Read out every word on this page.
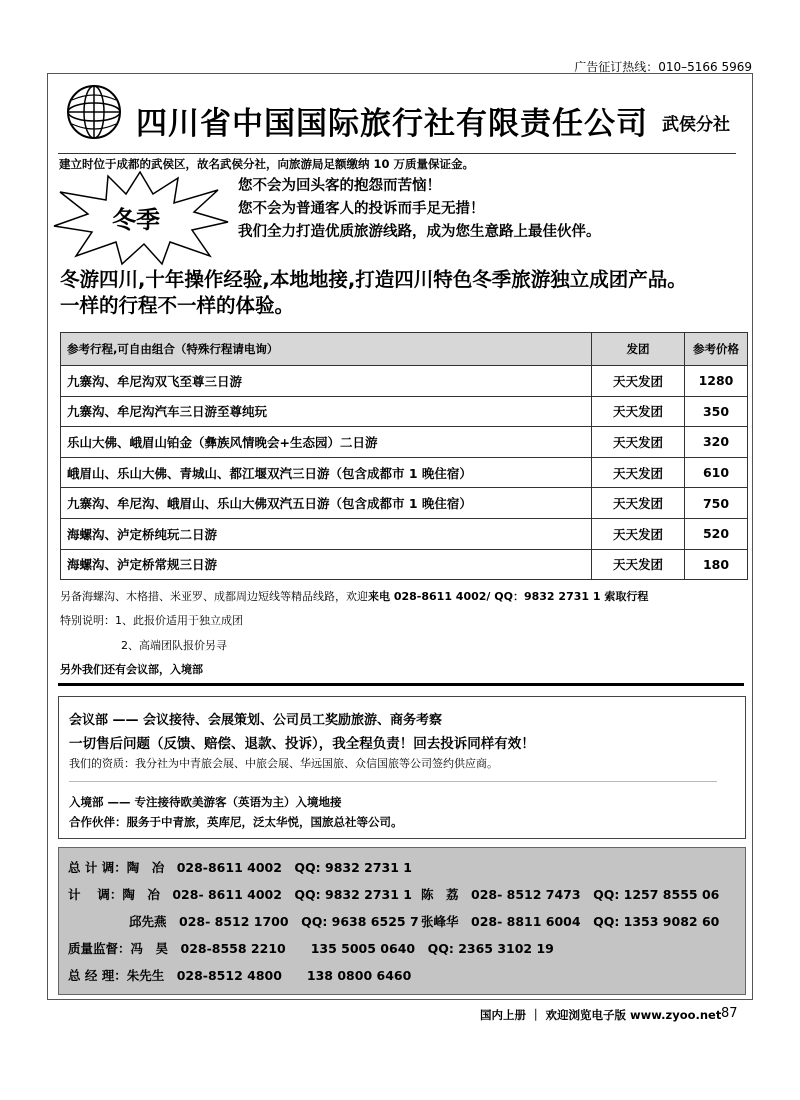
广告征订热线：010–5166 5969
四川省中国国际旅行社有限责任公司 武侯分社
建立时位于成都的武侯区，故名武侯分社，向旅游局足额缴纳 10 万质量保证金。
冬季
您不会为回头客的抱怨而苦恼！
您不会为普通客人的投诉而手足无措！
我们全力打造优质旅游线路，成为您生意路上最佳伙伴。
冬游四川,十年操作经验,本地地接,打造四川特色冬季旅游独立成团产品。
一样的行程不一样的体验。
参考行程,可自由组合（特殊行程请电询）	发团	参考价格
九寨沟、牟尼沟双飞至尊三日游	天天发团	1280
九寨沟、牟尼沟汽车三日游至尊纯玩	天天发团	350
乐山大佛、峨眉山铂金（彝族风情晚会+生态园）二日游	天天发团	320
峨眉山、乐山大佛、青城山、都江堰双汽三日游（包含成都市 1 晚住宿）	天天发团	610
九寨沟、牟尼沟、峨眉山、乐山大佛双汽五日游（包含成都市 1 晚住宿）	天天发团	750
海螺沟、泸定桥纯玩二日游	天天发团	520
海螺沟、泸定桥常规三日游	天天发团	180
另备海螺沟、木格措、米亚罗、成都周边短线等精品线路，欢迎来电 028-8611 4002/ QQ：9832 2731 1 索取行程
特别说明：1、此报价适用于独立成团
2、高端团队报价另寻
另外我们还有会议部，入境部
会议部 —— 会议接待、会展策划、公司员工奖励旅游、商务考察
一切售后问题（反馈、赔偿、退款、投诉），我全程负责！回去投诉同样有效！
我们的资质：我分社为中青旅会展、中旅会展、华远国旅、众信国旅等公司签约供应商。
入境部 —— 专注接待欧美游客（英语为主）入境地接
合作伙伴：服务于中青旅，英库尼，泛太华悦，国旅总社等公司。
总 计 调：陶　冶　028-8611 4002　QQ: 9832 2731 1
计　 调：陶　冶　028- 8611 4002　QQ: 9832 2731 1 陈　荔　028- 8512 7473　QQ: 1257 8555 06
邱先燕　028- 8512 1700　QQ: 9638 6525 7 张峰华　028- 8811 6004　QQ: 1353 9082 60
质量监督：冯　昊　028-8558 2210　　135 5005 0640　QQ: 2365 3102 19
总 经 理：朱先生　028-8512 4800　　138 0800 6460
国内上册 ｜ 欢迎浏览电子版 www.zyoo.net 87
